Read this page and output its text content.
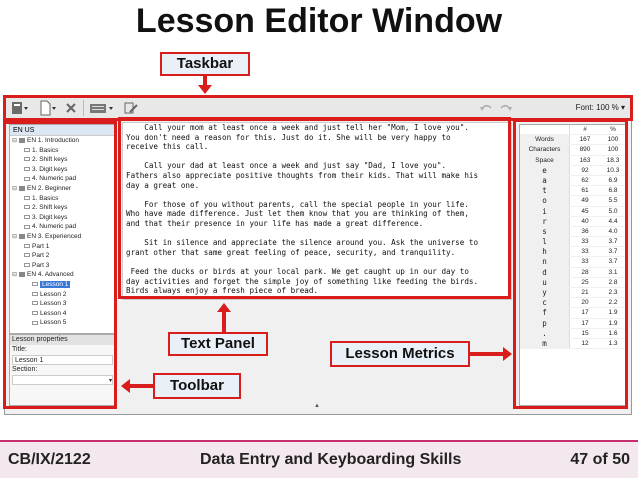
Lesson Editor Window
Font: 100 % ▾
EN US
⊟ EN 1. Introduction
1. Basics
2. Shift keys
3. Digit keys
4. Numeric pad
⊟ EN 2. Beginner
1. Basics
2. Shift keys
3. Digit keys
4. Numeric pad
⊟ EN 3. Experienced
Part 1
Part 2
Part 3
⊟ EN 4. Advanced
Lesson 1
Lesson 2
Lesson 3
Lesson 4
Lesson 5
Lesson properties
Title:
Lesson 1
Section:
▾

Call your mom at least once a week and just tell her "Mom, I love you".

You don't need a reason for this. Just do it. She will be very happy to

receive this call.

Call your dad at least once a week and just say "Dad, I love you".

Fathers also appreciate positive thoughts from their kids. That will make his

day a great one.

For those of you without parents, call the special people in your life.

Who have made difference. Just let them know that you are thinking of them,

and that their presence in your life has made a great difference.

Sit in silence and appreciate the silence around you. Ask the universe to

grant other that same great feeling of peace, security, and tranquility.

Feed the ducks or birds at your local park. We get caught up in our day to

day activities and forget the simple joy of something like feeding the birds.

Birds always enjoy a fresh piece of bread.

▲
#	%
Words	167	100
Characters	890	100
Space	163	18.3
e	92	10.3
a	62	6.9
t	61	6.8
o	49	5.5
i	45	5.0
r	40	4.4
s	36	4.0
l	33	3.7
h	33	3.7
n	33	3.7
d	28	3.1
u	25	2.8
y	21	2.3
c	20	2.2
f	17	1.9
p	17	1.9
.	15	1.6
m	12	1.3
Taskbar
Text Panel
Lesson Metrics
Toolbar
CB/IX/2122	Data Entry and Keyboarding Skills	47 of 50
